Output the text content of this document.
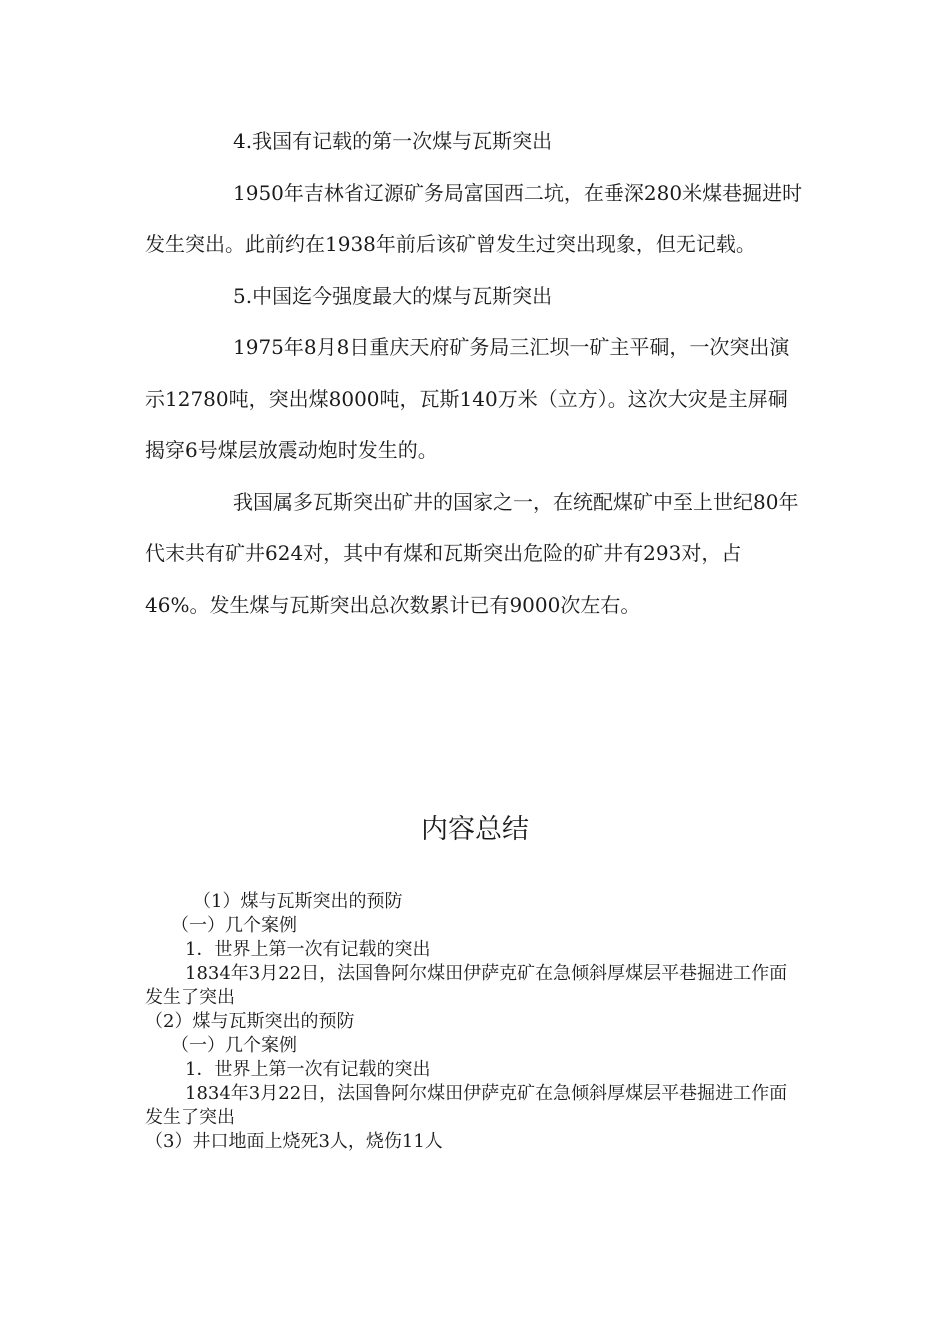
4.我国有记载的第一次煤与瓦斯突出

1950年吉林省辽源矿务局富国西二坑，在垂深280米煤巷掘进时发生突出。此前约在1938年前后该矿曾发生过突出现象，但无记载。

5.中国迄今强度最大的煤与瓦斯突出

1975年8月8日重庆天府矿务局三汇坝一矿主平硐，一次突出演示12780吨，突出煤8000吨，瓦斯140万米（立方）。这次大灾是主屏硐揭穿6号煤层放震动炮时发生的。

我国属多瓦斯突出矿井的国家之一，在统配煤矿中至上世纪80年代末共有矿井624对，其中有煤和瓦斯突出危险的矿井有293对，占46%。发生煤与瓦斯突出总次数累计已有9000次左右。

内容总结

（1）煤与瓦斯突出的预防

（一）几个案例

1．世界上第一次有记载的突出

1834年3月22日，法国鲁阿尔煤田伊萨克矿在急倾斜厚煤层平巷掘进工作面发生了突出

（2）煤与瓦斯突出的预防

（一）几个案例

1．世界上第一次有记载的突出

1834年3月22日，法国鲁阿尔煤田伊萨克矿在急倾斜厚煤层平巷掘进工作面发生了突出

（3）井口地面上烧死3人，烧伤11人
